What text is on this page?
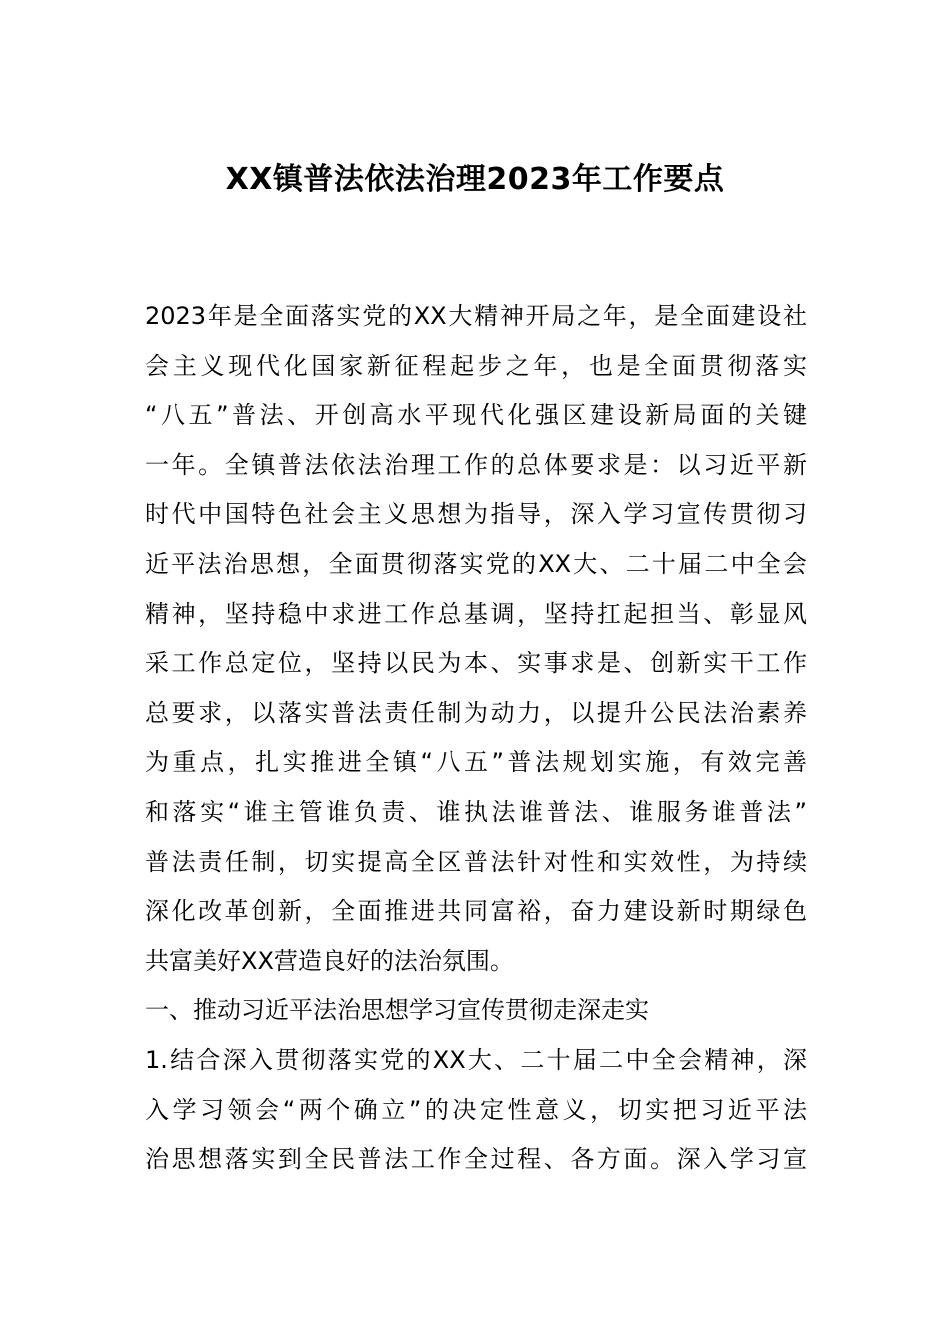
XX镇普法依法治理2023年工作要点
2023年是全面落实党的XX大精神开局之年，是全面建设社
会主义现代化国家新征程起步之年，也是全面贯彻落实
“八五”普法、开创高水平现代化强区建设新局面的关键
一年。全镇普法依法治理工作的总体要求是：以习近平新
时代中国特色社会主义思想为指导，深入学习宣传贯彻习
近平法治思想，全面贯彻落实党的XX大、二十届二中全会
精神，坚持稳中求进工作总基调，坚持扛起担当、彰显风
采工作总定位，坚持以民为本、实事求是、创新实干工作
总要求，以落实普法责任制为动力，以提升公民法治素养
为重点，扎实推进全镇“八五”普法规划实施，有效完善
和落实“谁主管谁负责、谁执法谁普法、谁服务谁普法”
普法责任制，切实提高全区普法针对性和实效性，为持续
深化改革创新，全面推进共同富裕，奋力建设新时期绿色
共富美好XX营造良好的法治氛围。
一、推动习近平法治思想学习宣传贯彻走深走实
1.结合深入贯彻落实党的XX大、二十届二中全会精神，深
入学习领会“两个确立”的决定性意义，切实把习近平法
治思想落实到全民普法工作全过程、各方面。深入学习宣
